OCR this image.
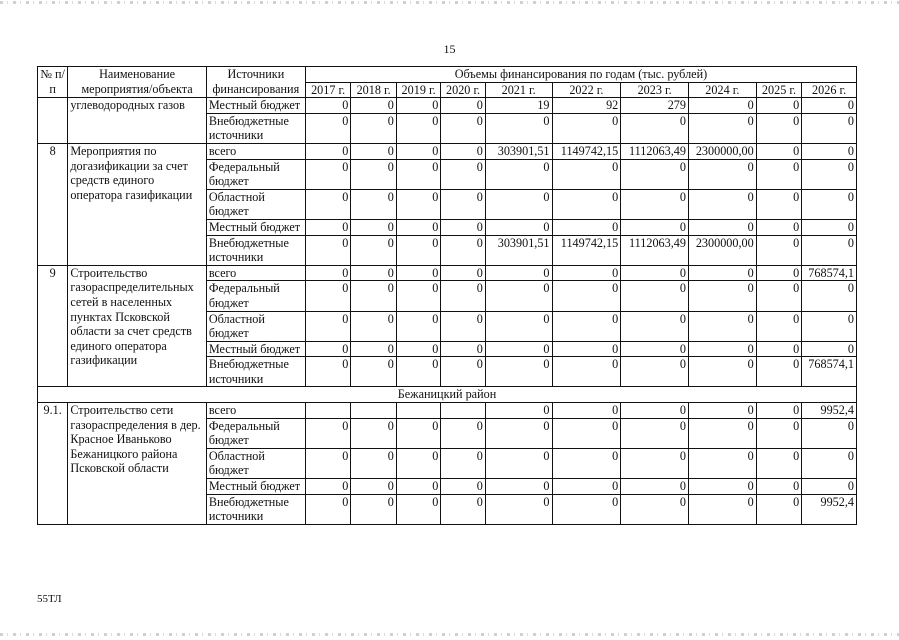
15
№ п/п	Наименование мероприятия/объекта	Источники финансирования	Объемы финансирования по годам (тыс. рублей)									
			2017 г.	2018 г.	2019 г.	2020 г.	2021 г.	2022 г.	2023 г.	2024 г.	2025 г.	2026 г.
	углеводородных газов	Местный бюджет	0	0	0	0	19	92	279	0	0	0
		Внебюджетные источники	0	0	0	0	0	0	0	0	0	0
8	Мероприятия по догазификации за счет средств единого оператора газификации	всего	0	0	0	0	303901,51	1149742,15	1112063,49	2300000,00	0	0
		Федеральный бюджет	0	0	0	0	0	0	0	0	0	0
		Областной бюджет	0	0	0	0	0	0	0	0	0	0
		Местный бюджет	0	0	0	0	0	0	0	0	0	0
		Внебюджетные источники	0	0	0	0	303901,51	1149742,15	1112063,49	2300000,00	0	0
9	Строительство газораспределительных сетей в населенных пунктах Псковской области за счет средств единого оператора газификации	всего	0	0	0	0	0	0	0	0	0	768574,1
		Федеральный бюджет	0	0	0	0	0	0	0	0	0	0
		Областной бюджет	0	0	0	0	0	0	0	0	0	0
		Местный бюджет	0	0	0	0	0	0	0	0	0	0
		Внебюджетные источники	0	0	0	0	0	0	0	0	0	768574,1
Бежаницкий район												
9.1.	Строительство сети газораспределения в дер. Красное Иваньково Бежаницкого района Псковской области	всего					0	0	0	0	0	9952,4
		Федеральный бюджет	0	0	0	0	0	0	0	0	0	0
		Областной бюджет	0	0	0	0	0	0	0	0	0	0
		Местный бюджет	0	0	0	0	0	0	0	0	0	0
		Внебюджетные источники	0	0	0	0	0	0	0	0	0	9952,4
55ТЛ
